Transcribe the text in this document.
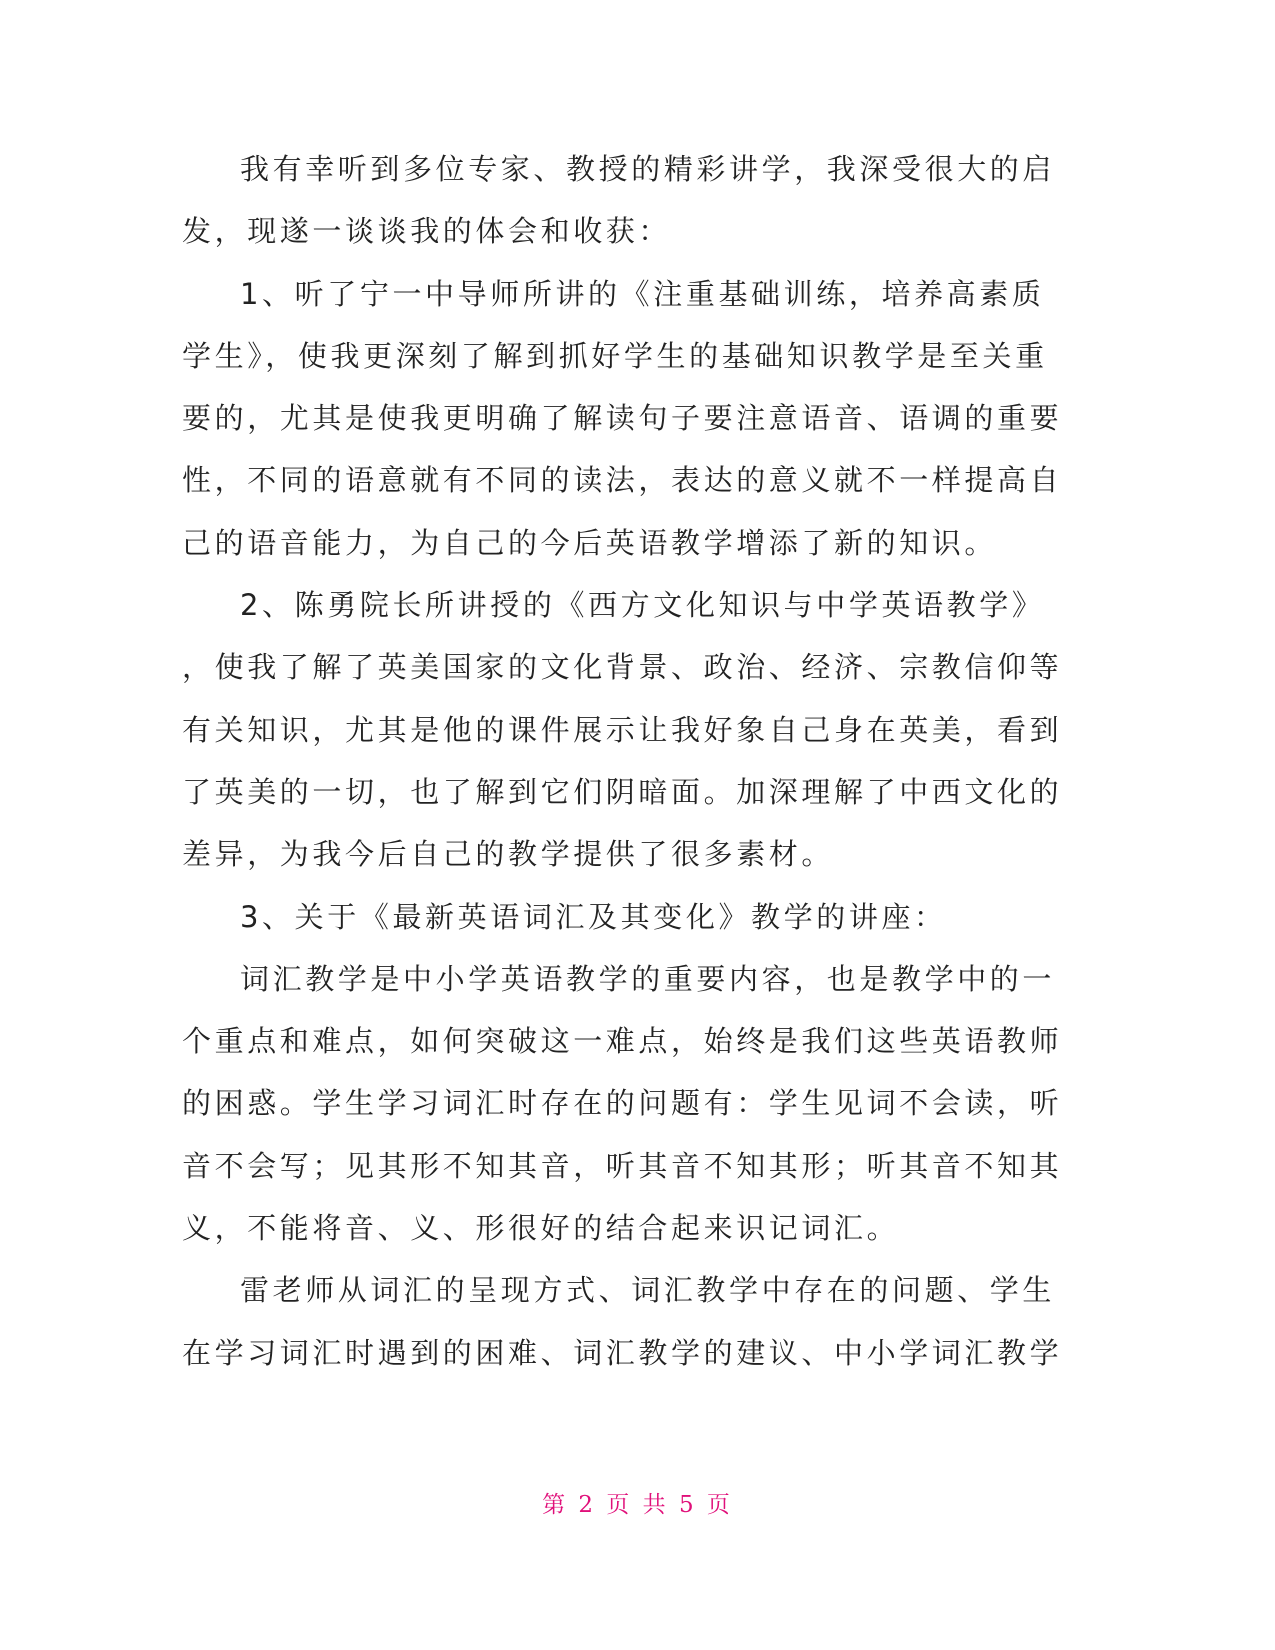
我有幸听到多位专家、教授的精彩讲学，我深受很大的启
发，现遂一谈谈我的体会和收获：
1、听了宁一中导师所讲的《注重基础训练，培养高素质
学生》，使我更深刻了解到抓好学生的基础知识教学是至关重
要的，尤其是使我更明确了解读句子要注意语音、语调的重要
性，不同的语意就有不同的读法，表达的意义就不一样提高自
己的语音能力，为自己的今后英语教学增添了新的知识。
2、陈勇院长所讲授的《西方文化知识与中学英语教学》
，使我了解了英美国家的文化背景、政治、经济、宗教信仰等
有关知识，尤其是他的课件展示让我好象自己身在英美，看到
了英美的一切，也了解到它们阴暗面。加深理解了中西文化的
差异，为我今后自己的教学提供了很多素材。
3、关于《最新英语词汇及其变化》教学的讲座：
词汇教学是中小学英语教学的重要内容，也是教学中的一
个重点和难点，如何突破这一难点，始终是我们这些英语教师
的困惑。学生学习词汇时存在的问题有：学生见词不会读，听
音不会写；见其形不知其音，听其音不知其形；听其音不知其
义，不能将音、义、形很好的结合起来识记词汇。
雷老师从词汇的呈现方式、词汇教学中存在的问题、学生
在学习词汇时遇到的困难、词汇教学的建议、中小学词汇教学
第 2 页 共 5 页
